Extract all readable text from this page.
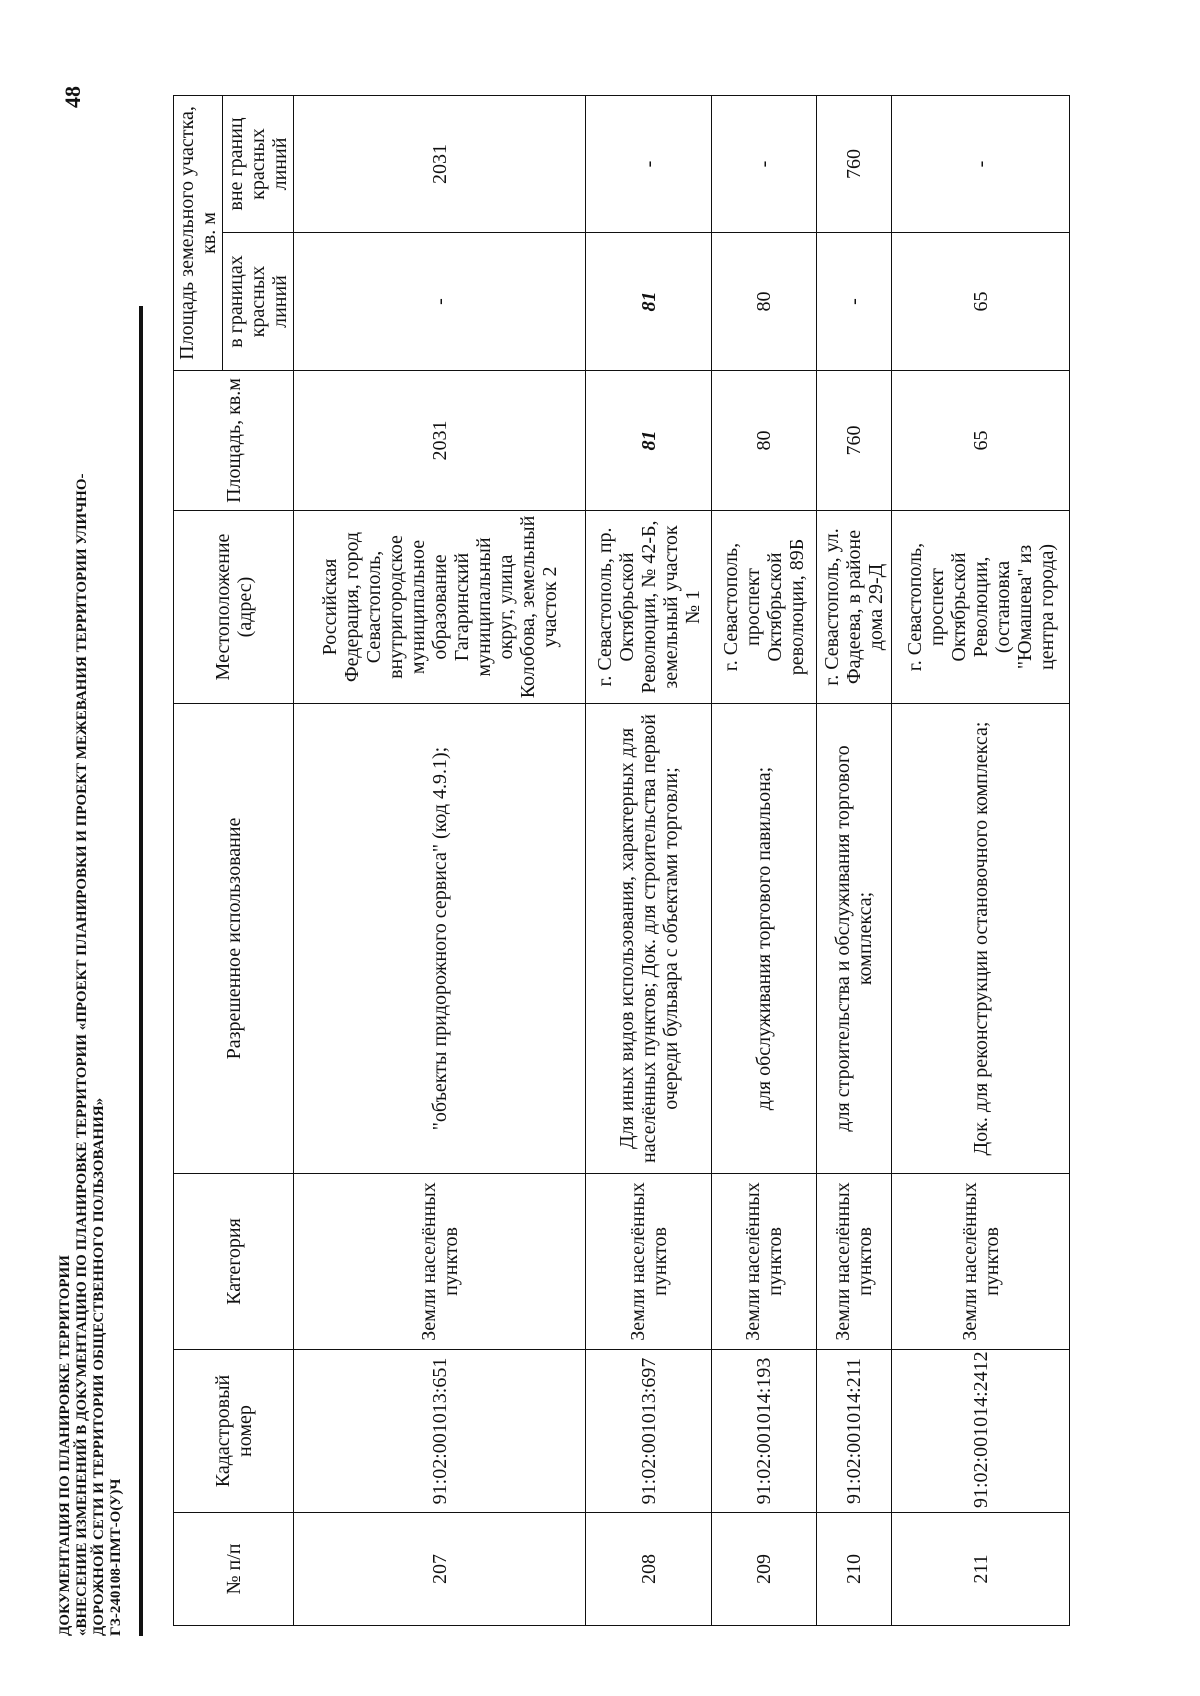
ДОКУМЕНТАЦИЯ ПО ПЛАНИРОВКЕ ТЕРРИТОРИИ «ВНЕСЕНИЕ ИЗМЕНЕНИЙ В ДОКУМЕНТАЦИЮ ПО ПЛАНИРОВКЕ ТЕРРИТОРИИ «ПРОЕКТ ПЛАНИРОВКИ И ПРОЕКТ МЕЖЕВАНИЯ ТЕРРИТОРИИ УЛИЧНО- ДОРОЖНОЙ СЕТИ И ТЕРРИТОРИИ ОБЩЕСТВЕННОГО ПОЛЬЗОВАНИЯ» ГЗ-240108-ПМТ-О(У)Ч
48
№ п/п	Кадастровый номер	Категория	Разрешенное использование	Местоположение (адрес)	Площадь, кв.м	Площадь земельного участка, кв. м	
						в границах красных линий	вне границ красных линий
207	91:02:001013:651	Земли населённых пунктов	"объекты придорожного сервиса" (код 4.9.1);	Российская Федерация, город Севастополь, внутригородское муниципальное образование Гагаринский муниципальный округ, улица Колобова, земельный участок 2	2031	-	2031
208	91:02:001013:697	Земли населённых пунктов	Для иных видов использования, характерных для населённых пунктов; Док. для строительства первой очереди бульвара с объектами торговли;	г. Севастополь, пр. Октябрьской Революции, № 42-Б, земельный участок № 1	81	81	-
209	91:02:001014:193	Земли населённых пунктов	для обслуживания торгового павильона;	г. Севастополь, проспект Октябрьской революции, 89Б	80	80	-
210	91:02:001014:211	Земли населённых пунктов	для строительства и обслуживания торгового комплекса;	г. Севастополь, ул. Фадеева, в районе дома 29-Д	760	-	760
211	91:02:001014:2412	Земли населённых пунктов	Док. для реконструкции остановочного комплекса;	г. Севастополь, проспект Октябрьской Революции, (остановка "Юмашева" из центра города)	65	65	-
